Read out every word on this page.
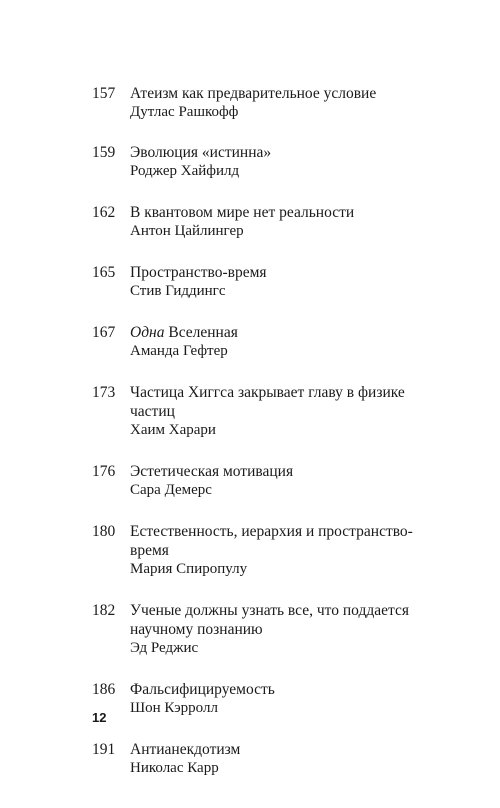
157 Атеизм как предварительное условие
Дутлас Рашкофф
159 Эволюция «истинна»
Роджер Хайфилд
162 В квантовом мире нет реальности
Антон Цайлингер
165 Пространство-время
Стив Гиддингс
167 Одна Вселенная
Аманда Гефтер
173 Частица Хиггса закрывает главу в физике
частиц
Хаим Харари
176 Эстетическая мотивация
Сара Демерс
180 Естественность, иерархия и пространство-
время
Мария Спиропулу
182 Ученые должны узнать все, что поддается
научному познанию
Эд Реджис
186 Фальсифицируемость
Шон Кэрролл
191 Антианекдотизм
Николас Карр
12
